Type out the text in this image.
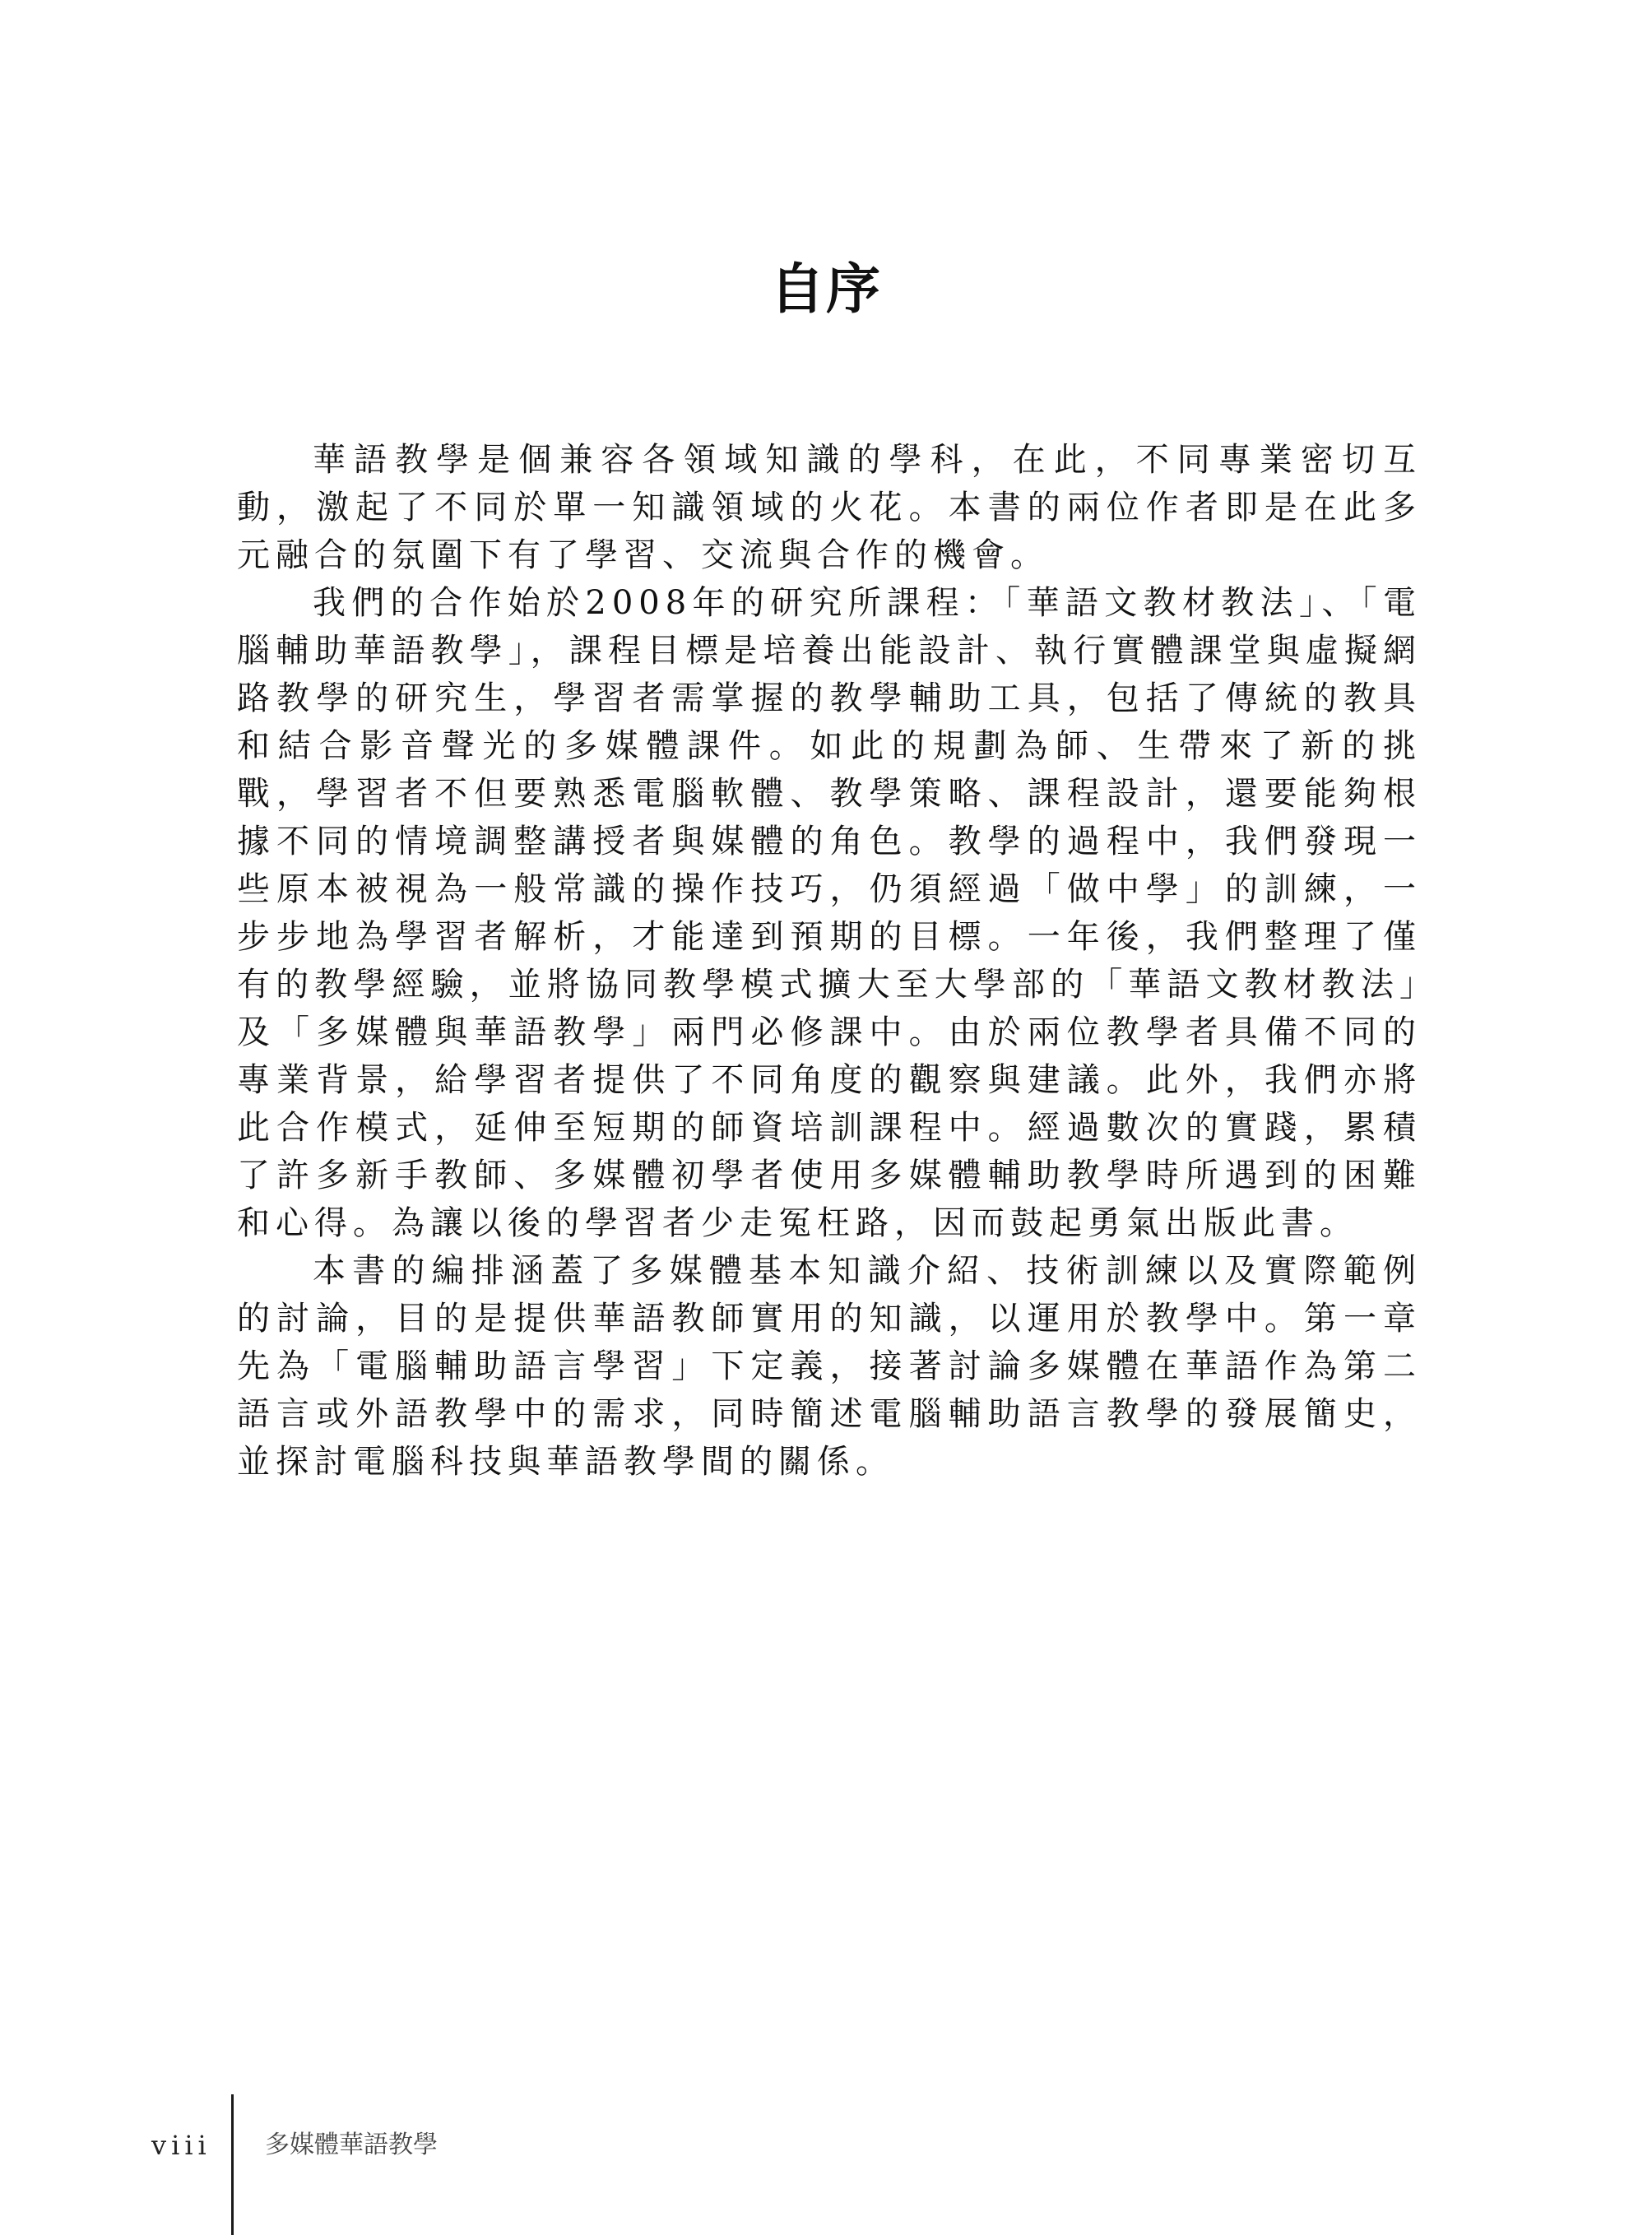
自序

華語教學是個兼容各領域知識的學科，在此，不同專業密切互動，激起了不同於單一知識領域的火花。本書的兩位作者即是在此多元融合的氛圍下有了學習、交流與合作的機會。

我們的合作始於2008年的研究所課程：「華語文教材教法」、「電腦輔助華語教學」，課程目標是培養出能設計、執行實體課堂與虛擬網路教學的研究生，學習者需掌握的教學輔助工具，包括了傳統的教具和結合影音聲光的多媒體課件。如此的規劃為師、生帶來了新的挑戰，學習者不但要熟悉電腦軟體、教學策略、課程設計，還要能夠根據不同的情境調整講授者與媒體的角色。教學的過程中，我們發現一些原本被視為一般常識的操作技巧，仍須經過「做中學」的訓練，一步步地為學習者解析，才能達到預期的目標。一年後，我們整理了僅有的教學經驗，並將協同教學模式擴大至大學部的「華語文教材教法」及「多媒體與華語教學」兩門必修課中。由於兩位教學者具備不同的專業背景，給學習者提供了不同角度的觀察與建議。此外，我們亦將此合作模式，延伸至短期的師資培訓課程中。經過數次的實踐，累積了許多新手教師、多媒體初學者使用多媒體輔助教學時所遇到的困難和心得。為讓以後的學習者少走冤枉路，因而鼓起勇氣出版此書。

本書的編排涵蓋了多媒體基本知識介紹、技術訓練以及實際範例的討論，目的是提供華語教師實用的知識，以運用於教學中。第一章先為「電腦輔助語言學習」下定義，接著討論多媒體在華語作為第二語言或外語教學中的需求，同時簡述電腦輔助語言教學的發展簡史，並探討電腦科技與華語教學間的關係。

viii 多媒體華語教學
